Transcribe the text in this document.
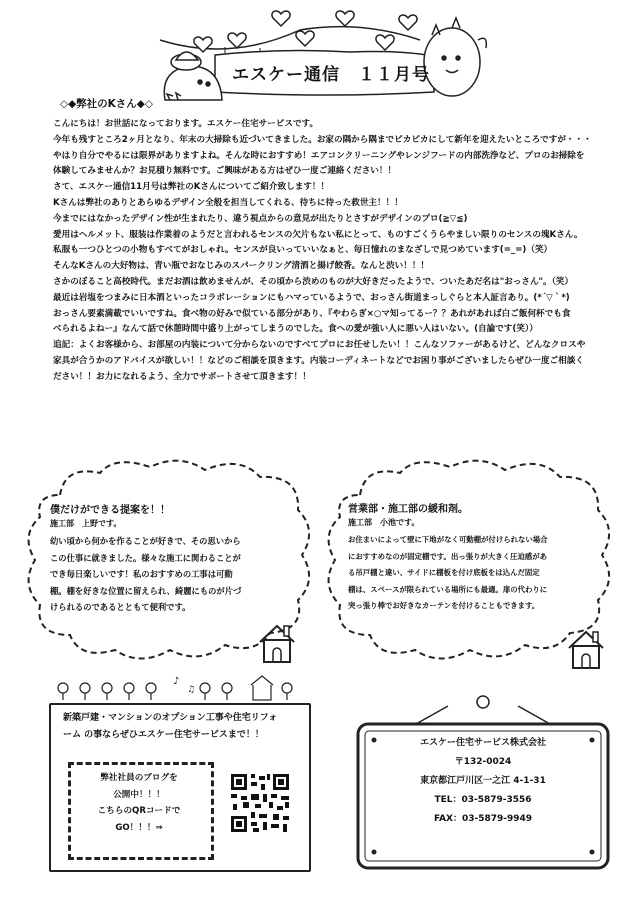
エスケー通信　１１月号
◇◆弊社のKさん◆◇

こんにちは！お世話になっております。エスケー住宅サービスです。

今年も残すところ2ヶ月となり、年末の大掃除も近づいてきました。お家の隅から隅までピカピカにして新年を迎えたいところですが・・・

やはり自分でやるには限界がありますよね。そんな時におすすめ！エアコンクリーニングやレンジフードの内部洗浄など、プロのお掃除を

体験してみませんか？お見積り無料です。ご興味がある方はぜひ一度ご連絡ください！！

さて、エスケー通信11月号は弊社のKさんについてご紹介致します！！

Kさんは弊社のありとあらゆるデザイン全般を担当してくれる、待ちに待った救世主！！！

今までにはなかったデザイン性が生まれたり、違う視点からの意見が出たりとさすがデザインのプロ(≧▽≦)

愛用はヘルメット、服装は作業着のようだと言われるセンスの欠片もない私にとって、ものすごくうらやましい限りのセンスの塊Kさん。

私服も一つひとつの小物もすべてがおしゃれ。センスが良いっていいなぁと、毎日憧れのまなざしで見つめています(=_=)（笑）

そんなKさんの大好物は、青い瓶でおなじみのスパークリング清酒と揚げ餃香。なんと渋い！！！

さかのぼること高校時代。まだお酒は飲めませんが、その頃から渋めのものが大好きだったようで、ついたあだ名は"おっさん"。（笑）

最近は岩塩をつまみに日本酒といったコラボレーションにもハマっているようで、おっさん街道まっしぐらと本人証言あり。(*´▽｀*)

おっさん要素満載でいいですね。食べ物の好みで似ている部分があり、『やわらぎ×○マ知ってるー？？あれがあれば白ご飯何杯でも食

べられるよねー』なんて話で休憩時間中盛り上がってしまうのでした。食への愛が強い人に悪い人はいない。(自論です(笑））

追記：よくお客様から、お部屋の内装について分からないのですべてプロにお任せしたい！！こんなソファーがあるけど、どんなクロスや

家具が合うかのアドバイスが欲しい！！などのご相談を頂きます。内装コーディネートなどでお困り事がございましたらぜひ一度ご相談く

ださい！！お力になれるよう、全力でサポートさせて頂きます！！

僕だけができる提案を！！

施工部　上野です。

幼い頃から何かを作ることが好きで、その思いから

この仕事に就きました。様々な施工に関わることが

でき毎日楽しいです！私のおすすめの工事は可動

棚。棚を好きな位置に留えられ、綺麗にものが片づ

けられるのであるとともて便利です。

営業部・施工部の緩和剤。

施工部　小池です。

お住まいによって壁に下地がなく可動棚が付けられない場合

におすすめなのが固定棚です。出っ張りが大きく圧迫感があ

る吊戸棚と違い、サイドに棚板を付け底板をは込んだ固定

棚は、スペースが限られている場所にも最適。扉の代わりに

突っ張り棒でお好きなカーテンを付けることもできます。

♪
♫

新築戸建・マンションのオプション工事や住宅リフォ

ーム の事ならぜひエスケー住宅サービスまで！！

弊社社員のブログを

公開中！！！

こちらのQRコードで

GO！！！⇒

エスケー住宅サービス株式会社

〒132-0024

東京都江戸川区一之江 4-1-31

TEL：03-5879-3556

FAX：03-5879-9949
